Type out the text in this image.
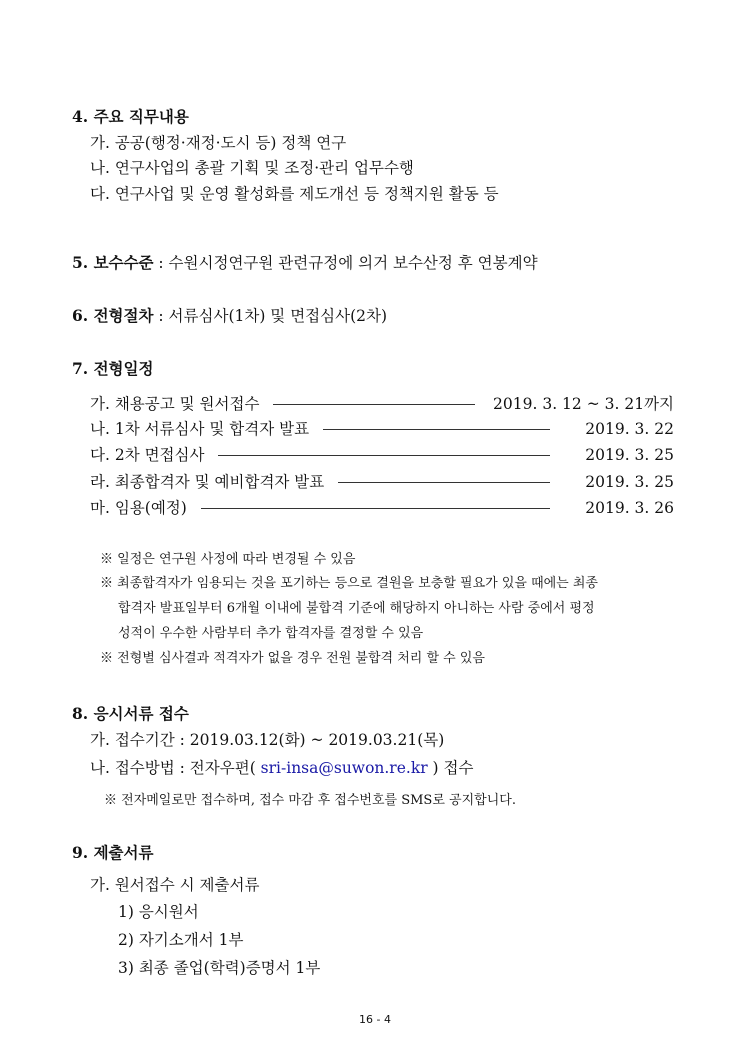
4. 주요 직무내용
가. 공공(행정·재정·도시 등) 정책 연구
나. 연구사업의 총괄 기획 및 조정·관리 업무수행
다. 연구사업 및 운영 활성화를 제도개선 등 정책지원 활동 등
5. 보수수준 : 수원시정연구원 관련규정에 의거 보수산정 후 연봉계약
6. 전형절차 : 서류심사(1차) 및 면접심사(2차)
7. 전형일정
가. 채용공고 및 원서접수	2019. 3. 12 ~ 3. 21까지
나. 1차 서류심사 및 합격자 발표	2019. 3. 22
다. 2차 면접심사	2019. 3. 25
라. 최종합격자 및 예비합격자 발표	2019. 3. 25
마. 임용(예정)	2019. 3. 26
※ 일정은 연구원 사정에 따라 변경될 수 있음
※ 최종합격자가 임용되는 것을 포기하는 등으로 결원을 보충할 필요가 있을 때에는 최종
합격자 발표일부터 6개월 이내에 불합격 기준에 해당하지 아니하는 사람 중에서 평정
성적이 우수한 사람부터 추가 합격자를 결정할 수 있음
※ 전형별 심사결과 적격자가 없을 경우 전원 불합격 처리 할 수 있음
8. 응시서류 접수
가. 접수기간 : 2019.03.12(화) ~ 2019.03.21(목)
나. 접수방법 : 전자우편( sri-insa@suwon.re.kr ) 접수
※ 전자메일로만 접수하며, 접수 마감 후 접수번호를 SMS로 공지합니다.
9. 제출서류
가. 원서접수 시 제출서류
1) 응시원서
2) 자기소개서 1부
3) 최종 졸업(학력)증명서 1부
16 - 4
